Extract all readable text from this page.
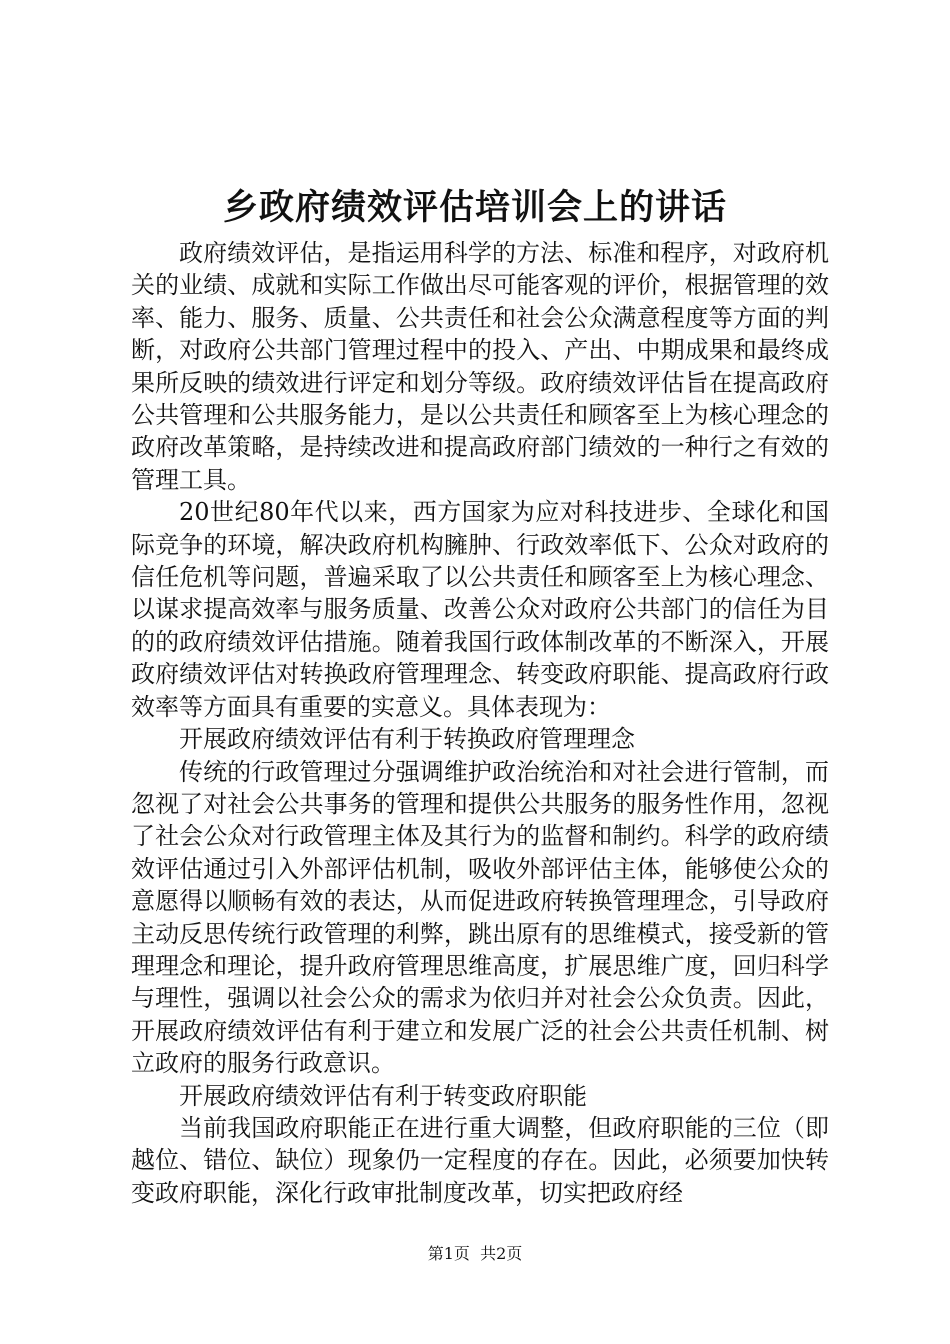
乡政府绩效评估培训会上的讲话

政府绩效评估，是指运用科学的方法、标准和程序，对政府机关的业绩、成就和实际工作做出尽可能客观的评价，根据管理的效率、能力、服务、质量、公共责任和社会公众满意程度等方面的判断，对政府公共部门管理过程中的投入、产出、中期成果和最终成果所反映的绩效进行评定和划分等级。政府绩效评估旨在提高政府公共管理和公共服务能力，是以公共责任和顾客至上为核心理念的政府改革策略，是持续改进和提高政府部门绩效的一种行之有效的管理工具。

20世纪80年代以来，西方国家为应对科技进步、全球化和国际竞争的环境，解决政府机构臃肿、行政效率低下、公众对政府的信任危机等问题，普遍采取了以公共责任和顾客至上为核心理念、以谋求提高效率与服务质量、改善公众对政府公共部门的信任为目的的政府绩效评估措施。随着我国行政体制改革的不断深入，开展政府绩效评估对转换政府管理理念、转变政府职能、提高政府行政效率等方面具有重要的实意义。具体表现为：

开展政府绩效评估有利于转换政府管理理念

传统的行政管理过分强调维护政治统治和对社会进行管制，而忽视了对社会公共事务的管理和提供公共服务的服务性作用，忽视了社会公众对行政管理主体及其行为的监督和制约。科学的政府绩效评估通过引入外部评估机制，吸收外部评估主体，能够使公众的意愿得以顺畅有效的表达，从而促进政府转换管理理念，引导政府主动反思传统行政管理的利弊，跳出原有的思维模式，接受新的管理理念和理论，提升政府管理思维高度，扩展思维广度，回归科学与理性，强调以社会公众的需求为依归并对社会公众负责。因此，开展政府绩效评估有利于建立和发展广泛的社会公共责任机制、树立政府的服务行政意识。

开展政府绩效评估有利于转变政府职能

当前我国政府职能正在进行重大调整，但政府职能的三位（即越位、错位、缺位）现象仍一定程度的存在。因此，必须要加快转变政府职能，深化行政审批制度改革，切实把政府经

第1页 共2页
